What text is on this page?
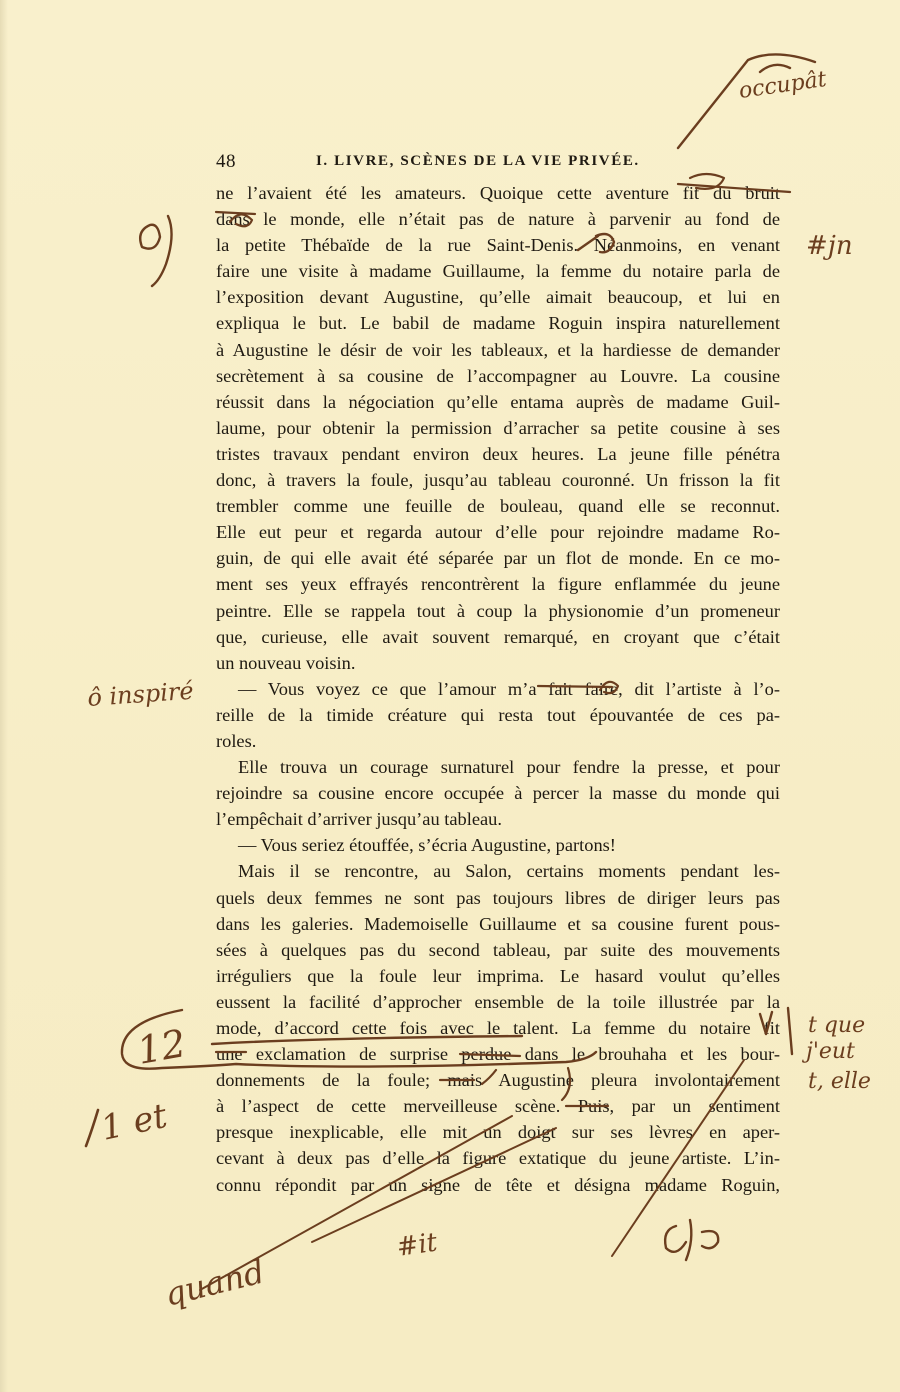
48	I. LIVRE, SCÈNES DE LA VIE PRIVÉE.
ne l’avaient été les amateurs. Quoique cette aventure fit du bruit
dans le monde, elle n’était pas de nature à parvenir au fond de
la petite Thébaïde de la rue Saint-Denis. Néanmoins, en venant
faire une visite à madame Guillaume, la femme du notaire parla de
l’exposition devant Augustine, qu’elle aimait beaucoup, et lui en
expliqua le but. Le babil de madame Roguin inspira naturellement
à Augustine le désir de voir les tableaux, et la hardiesse de demander
secrètement à sa cousine de l’accompagner au Louvre. La cousine
réussit dans la négociation qu’elle entama auprès de madame Guil-
laume, pour obtenir la permission d’arracher sa petite cousine à ses
tristes travaux pendant environ deux heures. La jeune fille pénétra
donc, à travers la foule, jusqu’au tableau couronné. Un frisson la fit
trembler comme une feuille de bouleau, quand elle se reconnut.
Elle eut peur et regarda autour d’elle pour rejoindre madame Ro-
guin, de qui elle avait été séparée par un flot de monde. En ce mo-
ment ses yeux effrayés rencontrèrent la figure enflammée du jeune
peintre. Elle se rappela tout à coup la physionomie d’un promeneur
que, curieuse, elle avait souvent remarqué, en croyant que c’était
un nouveau voisin.
— Vous voyez ce que l’amour m’a fait faire, dit l’artiste à l’o-
reille de la timide créature qui resta tout épouvantée de ces pa-
roles.
Elle trouva un courage surnaturel pour fendre la presse, et pour
rejoindre sa cousine encore occupée à percer la masse du monde qui
l’empêchait d’arriver jusqu’au tableau.
— Vous seriez étouffée, s’écria Augustine, partons!
Mais il se rencontre, au Salon, certains moments pendant les-
quels deux femmes ne sont pas toujours libres de diriger leurs pas
dans les galeries. Mademoiselle Guillaume et sa cousine furent pous-
sées à quelques pas du second tableau, par suite des mouvements
irréguliers que la foule leur imprima. Le hasard voulut qu’elles
eussent la facilité d’approcher ensemble de la toile illustrée par la
mode, d’accord cette fois avec le talent. La femme du notaire fit
une exclamation de surprise perdue dans le brouhaha et les bour-
donnements de la foule; mais Augustine pleura involontairement
à l’aspect de cette merveilleuse scène. Puis, par un sentiment
presque inexplicable, elle mit un doigt sur ses lèvres en aper-
cevant à deux pas d’elle la figure extatique du jeune artiste. L’in-
connu répondit par un signe de tête et désigna madame Roguin,
occupât
#jn
ô inspiré
12	t que
j'eut
t, elle
1 et
quand
#it
